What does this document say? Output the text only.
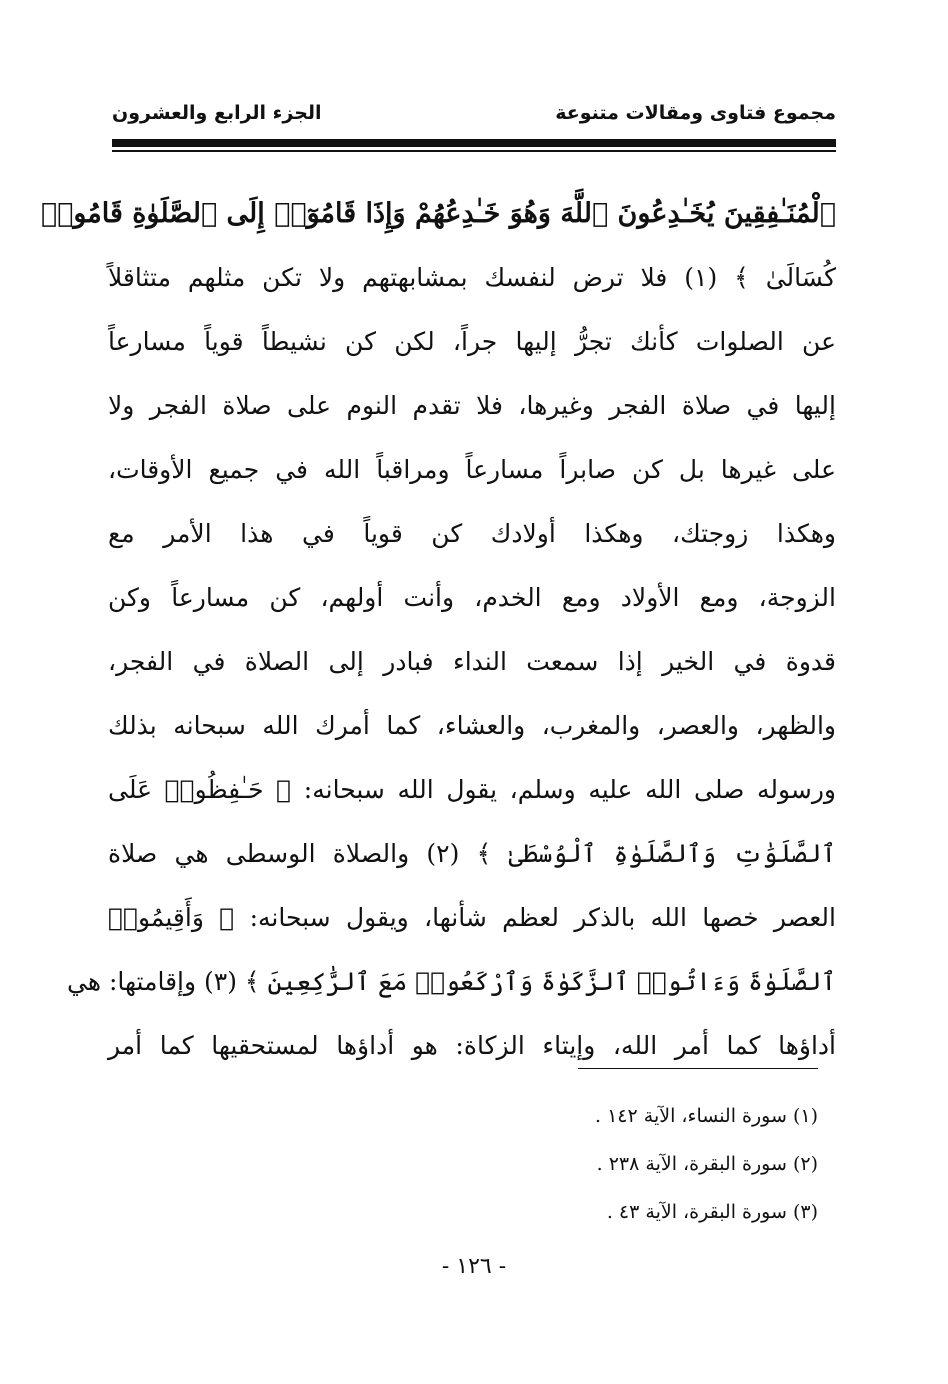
مجموع فتاوى ومقالات متنوعة
الجزء الرابع والعشرون
ٱلْمُنَـٰفِقِينَ يُخَـٰدِعُونَ ٱللَّهَ وَهُوَ خَـٰدِعُهُمْ وَإِذَا قَامُوٓا۟ إِلَى ٱلصَّلَوٰةِ قَامُوا۟
كُسَالَىٰ ﴾ (١) فلا ترض لنفسك بمشابهتهم ولا تكن مثلهم متثاقلاً
عن الصلوات كأنك تجرُّ إليها جراً، لكن كن نشيطاً قوياً مسارعاً
إليها في صلاة الفجر وغيرها، فلا تقدم النوم على صلاة الفجر ولا
على غيرها بل كن صابراً مسارعاً ومراقباً الله في جميع الأوقات،
وهكذا زوجتك، وهكذا أولادك كن قوياً في هذا الأمر مع
الزوجة، ومع الأولاد ومع الخدم، وأنت أولهم، كن مسارعاً وكن
قدوة في الخير إذا سمعت النداء فبادر إلى الصلاة في الفجر،
والظهر، والعصر، والمغرب، والعشاء، كما أمرك الله سبحانه بذلك
ورسوله صلى الله عليه وسلم، يقول الله سبحانه: ﴿ حَـٰفِظُوا۟ عَلَى
ٱلصَّلَوَٰتِ وَٱلصَّلَوٰةِ ٱلْوُسْطَىٰ ﴾ (٢) والصلاة الوسطى هي صلاة
العصر خصها الله بالذكر لعظم شأنها، ويقول سبحانه: ﴿ وَأَقِيمُوا۟
ٱلصَّلَوٰةَ وَءَاتُوا۟ ٱلزَّكَوٰةَ وَٱرْكَعُوا۟ مَعَ ٱلرَّٰكِعِينَ ﴾ (٣) وإقامتها: هي
أداؤها كما أمر الله، وإيتاء الزكاة: هو أداؤها لمستحقيها كما أمر
(١) سورة النساء، الآية ١٤٢ .
(٢) سورة البقرة، الآية ٢٣٨ .
(٣) سورة البقرة، الآية ٤٣ .
- ١٢٦ -
